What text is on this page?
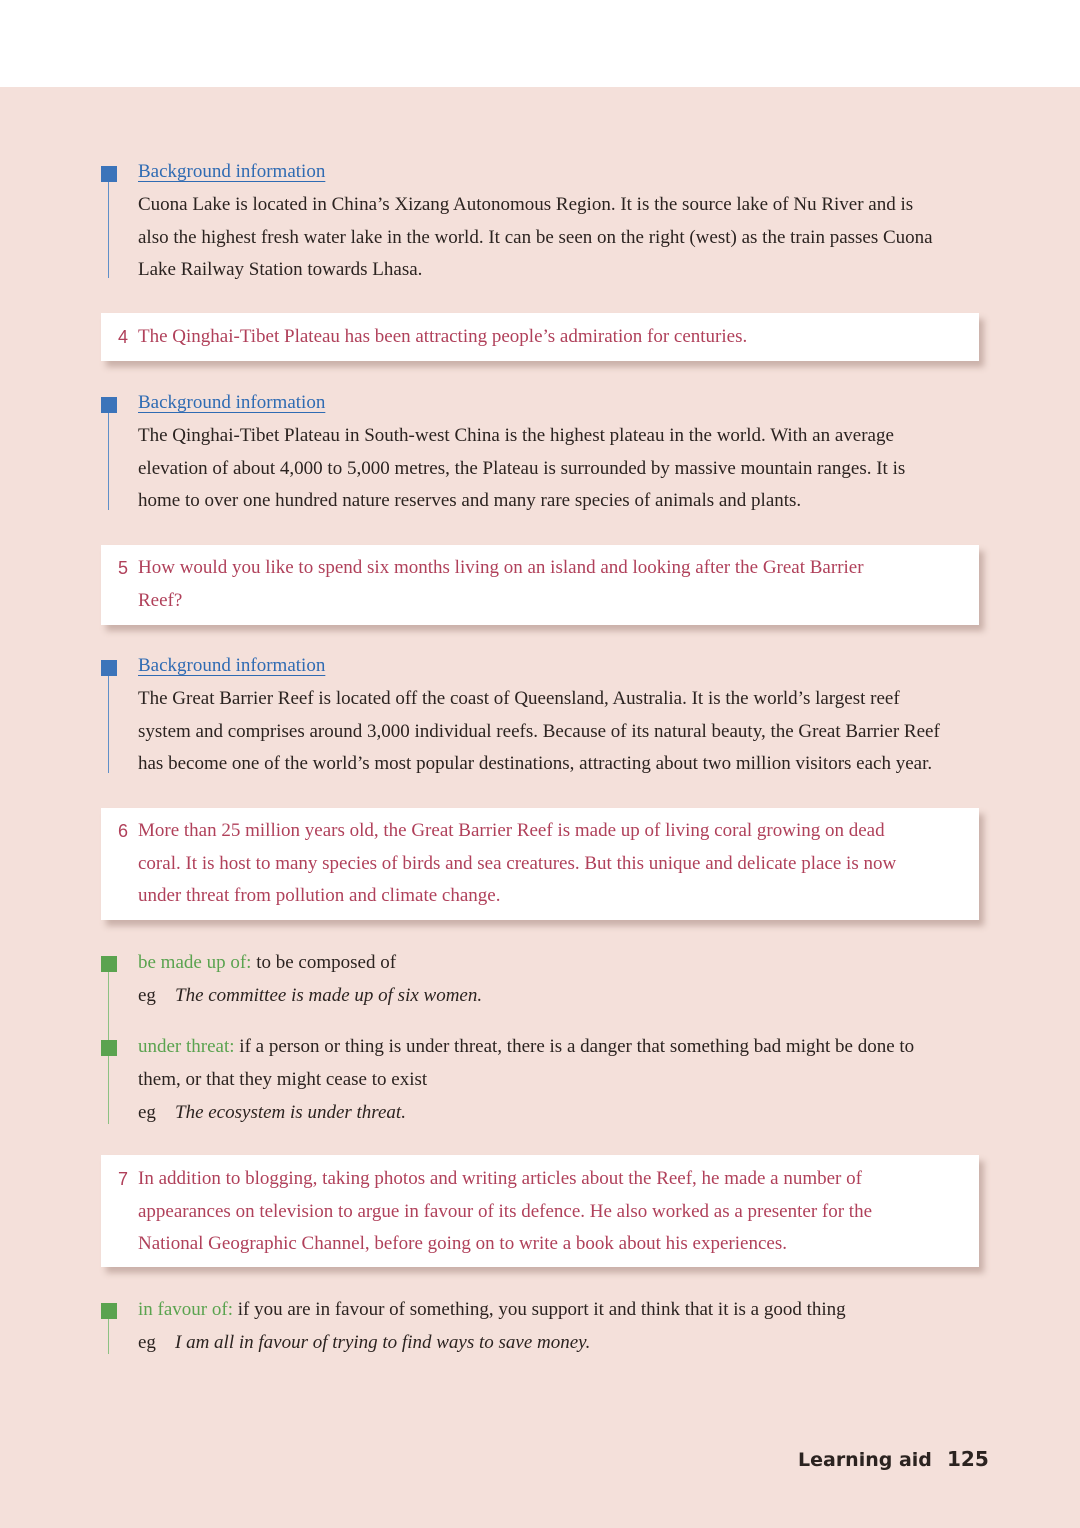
Background information
Cuona Lake is located in China’s Xizang Autonomous Region. It is the source lake of Nu River and is
also the highest fresh water lake in the world. It can be seen on the right (west) as the train passes Cuona
Lake Railway Station towards Lhasa.
4 The Qinghai-Tibet Plateau has been attracting people’s admiration for centuries.
Background information
The Qinghai-Tibet Plateau in South-west China is the highest plateau in the world. With an average
elevation of about 4,000 to 5,000 metres, the Plateau is surrounded by massive mountain ranges. It is
home to over one hundred nature reserves and many rare species of animals and plants.
5 How would you like to spend six months living on an island and looking after the Great Barrier
Reef?
Background information
The Great Barrier Reef is located off the coast of Queensland, Australia. It is the world’s largest reef
system and comprises around 3,000 individual reefs. Because of its natural beauty, the Great Barrier Reef
has become one of the world’s most popular destinations, attracting about two million visitors each year.
6 More than 25 million years old, the Great Barrier Reef is made up of living coral growing on dead
coral. It is host to many species of birds and sea creatures. But this unique and delicate place is now
under threat from pollution and climate change.
be made up of: to be composed of
eg The committee is made up of six women.
under threat: if a person or thing is under threat, there is a danger that something bad might be done to
them, or that they might cease to exist
eg The ecosystem is under threat.
7 In addition to blogging, taking photos and writing articles about the Reef, he made a number of
appearances on television to argue in favour of its defence. He also worked as a presenter for the
National Geographic Channel, before going on to write a book about his experiences.
in favour of: if you are in favour of something, you support it and think that it is a good thing
eg I am all in favour of trying to find ways to save money.
Learning aid 125
